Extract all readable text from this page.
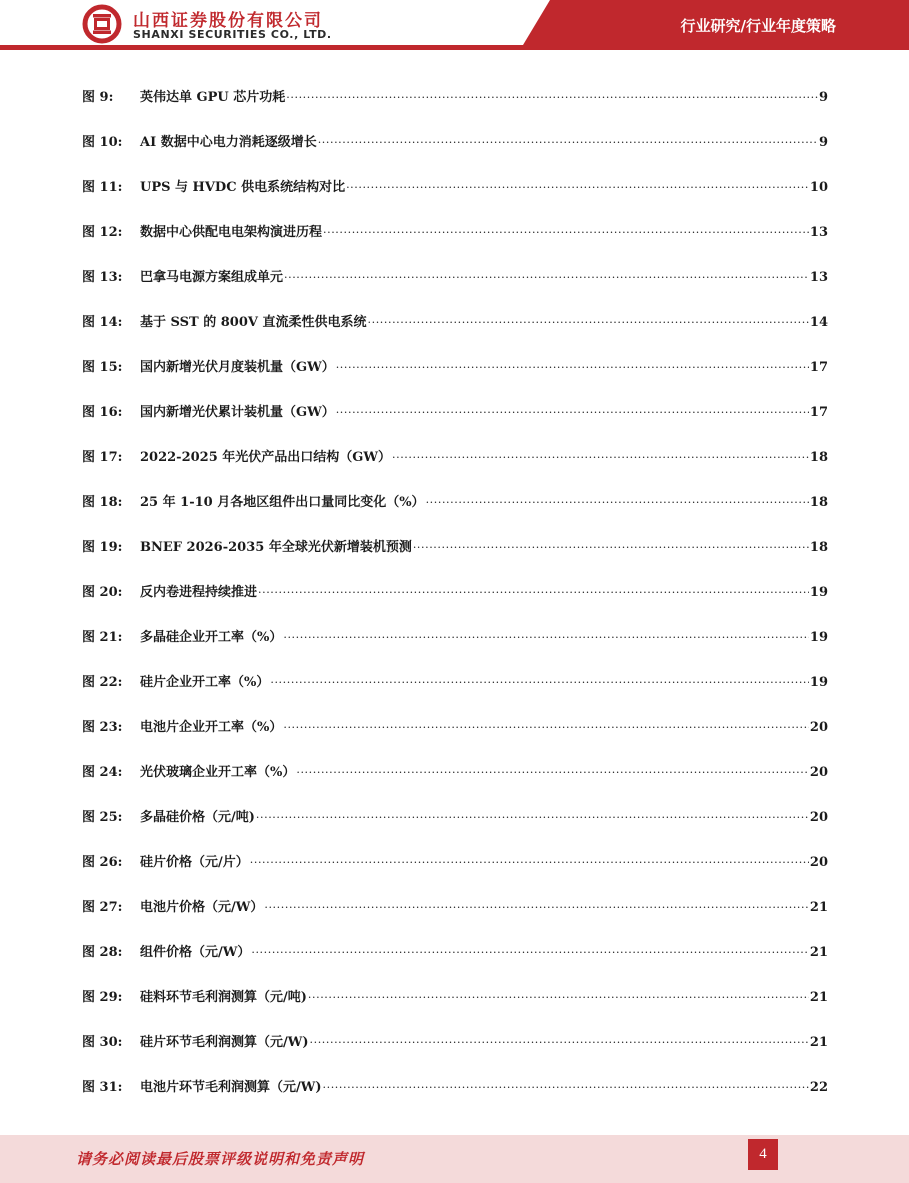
行业研究/行业年度策略
山西证券股份有限公司
SHANXI SECURITIES CO., LTD.
图 9:	英伟达单 GPU 芯片功耗 .....	9
图 10:	AI 数据中心电力消耗逐级增长 .....	9
图 11:	UPS 与 HVDC 供电系统结构对比 .....	10
图 12:	数据中心供配电电架构演进历程 .....	13
图 13:	巴拿马电源方案组成单元 .....	13
图 14:	基于 SST 的 800V 直流柔性供电系统 .....	14
图 15:	国内新增光伏月度装机量（GW） .....	17
图 16:	国内新增光伏累计装机量（GW） .....	17
图 17:	2022-2025 年光伏产品出口结构（GW） .....	18
图 18:	25 年 1-10 月各地区组件出口量同比变化（%） .....	18
图 19:	BNEF 2026-2035 年全球光伏新增装机预测 .....	18
图 20:	反内卷进程持续推进 .....	19
图 21:	多晶硅企业开工率（%） .....	19
图 22:	硅片企业开工率（%） .....	19
图 23:	电池片企业开工率（%） .....	20
图 24:	光伏玻璃企业开工率（%） .....	20
图 25:	多晶硅价格（元/吨) .....	20
图 26:	硅片价格（元/片） .....	20
图 27:	电池片价格（元/W） .....	21
图 28:	组件价格（元/W） .....	21
图 29:	硅料环节毛利润测算（元/吨) .....	21
图 30:	硅片环节毛利润测算（元/W) .....	21
图 31:	电池片环节毛利润测算（元/W) .....	22
请务必阅读最后股票评级说明和免责声明	4
